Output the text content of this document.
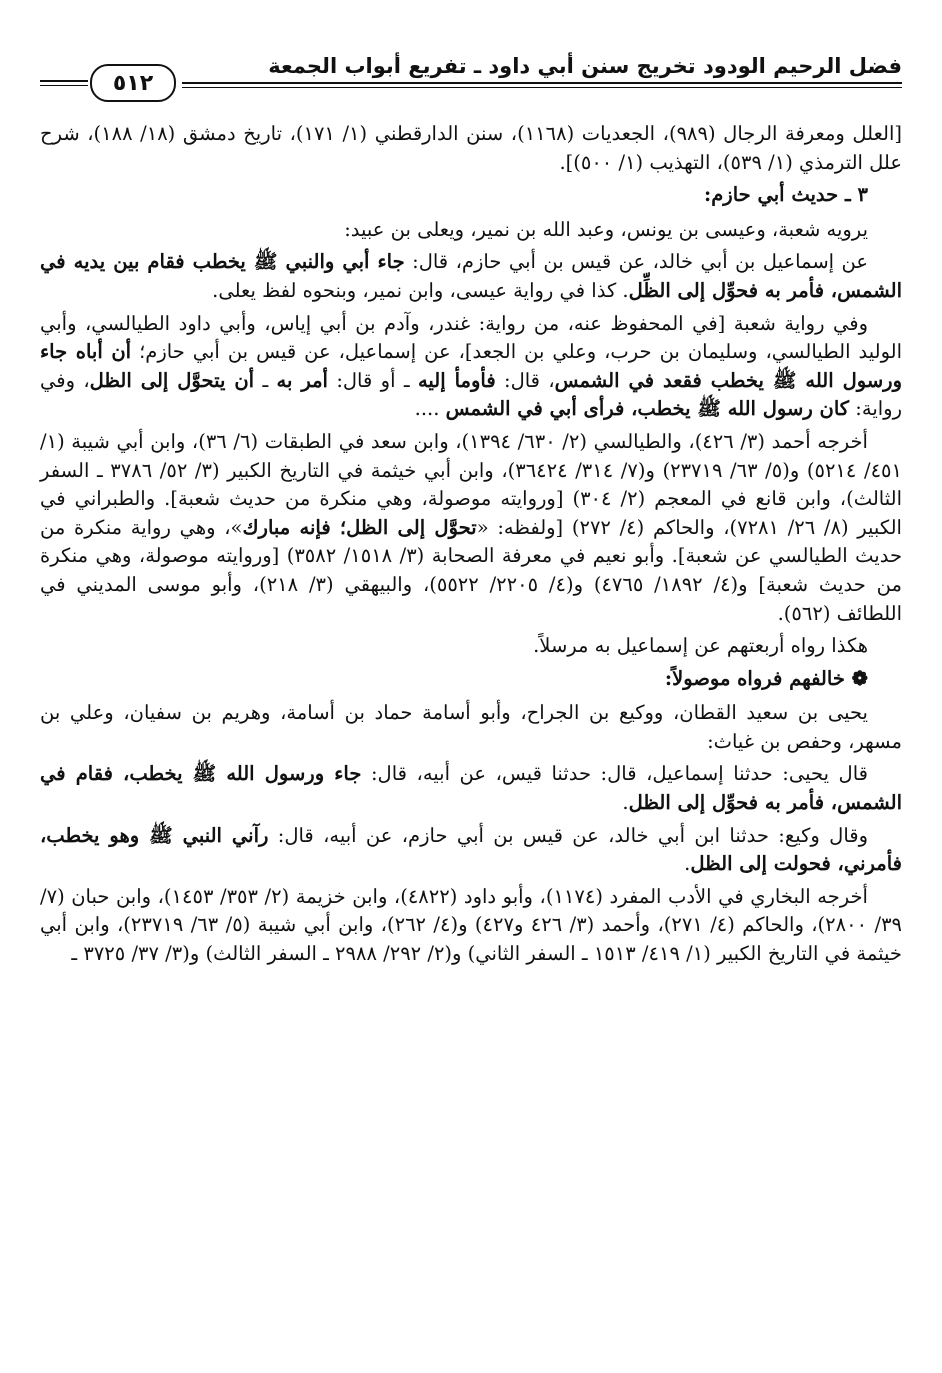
فضل الرحيم الودود تخريج سنن أبي داود ـ تفريع أبواب الجمعة
٥١٢

[العلل ومعرفة الرجال (٩٨٩)، الجعديات (١١٦٨)، سنن الدارقطني (١/ ١٧١)، تاريخ دمشق (١٨/ ١٨٨)، شرح علل الترمذي (١/ ٥٣٩)، التهذيب (١/ ٥٠٠)].

٣ ـ حديث أبي حازم:

يرويه شعبة، وعيسى بن يونس، وعبد الله بن نمير، ويعلى بن عبيد:

عن إسماعيل بن أبي خالد، عن قيس بن أبي حازم، قال: جاء أبي والنبي ﷺ يخطب فقام بين يديه في الشمس، فأمر به فحوِّل إلى الظِّل. كذا في رواية عيسى، وابن نمير، وبنحوه لفظ يعلى.

وفي رواية شعبة [في المحفوظ عنه، من رواية: غندر، وآدم بن أبي إياس، وأبي داود الطيالسي، وأبي الوليد الطيالسي، وسليمان بن حرب، وعلي بن الجعد]، عن إسماعيل، عن قيس بن أبي حازم؛ أن أباه جاء ورسول الله ﷺ يخطب فقعد في الشمس، قال: فأومأ إليه ـ أو قال: أمر به ـ أن يتحوَّل إلى الظل، وفي رواية: كان رسول الله ﷺ يخطب، فرأى أبي في الشمس ....

أخرجه أحمد (٣/ ٤٢٦)، والطيالسي (٢/ ٦٣٠/ ١٣٩٤)، وابن سعد في الطبقات (٦/ ٣٦)، وابن أبي شيبة (١/ ٤٥١/ ٥٢١٤) و(٥/ ٦٣/ ٢٣٧١٩) و(٧/ ٣١٤/ ٣٦٤٢٤)، وابن أبي خيثمة في التاريخ الكبير (٣/ ٥٢/ ٣٧٨٦ ـ السفر الثالث)، وابن قانع في المعجم (٢/ ٣٠٤) [وروايته موصولة، وهي منكرة من حديث شعبة]. والطبراني في الكبير (٨/ ٢٦/ ٧٢٨١)، والحاكم (٤/ ٢٧٢) [ولفظه: «تحوَّل إلى الظل؛ فإنه مبارك»، وهي رواية منكرة من حديث الطيالسي عن شعبة]. وأبو نعيم في معرفة الصحابة (٣/ ١٥١٨/ ٣٥٨٢) [وروايته موصولة، وهي منكرة من حديث شعبة] و(٤/ ١٨٩٢/ ٤٧٦٥) و(٤/ ٢٢٠٥/ ٥٥٢٢)، والبيهقي (٣/ ٢١٨)، وأبو موسى المديني في اللطائف (٥٦٢).

هكذا رواه أربعتهم عن إسماعيل به مرسلاً.

❁ خالفهم فرواه موصولاً:

يحيى بن سعيد القطان، ووكيع بن الجراح، وأبو أسامة حماد بن أسامة، وهريم بن سفيان، وعلي بن مسهر، وحفص بن غياث:

قال يحيى: حدثنا إسماعيل، قال: حدثنا قيس، عن أبيه، قال: جاء ورسول الله ﷺ يخطب، فقام في الشمس، فأمر به فحوِّل إلى الظل.

وقال وكيع: حدثنا ابن أبي خالد، عن قيس بن أبي حازم، عن أبيه، قال: رآني النبي ﷺ وهو يخطب، فأمرني، فحولت إلى الظل.

أخرجه البخاري في الأدب المفرد (١١٧٤)، وأبو داود (٤٨٢٢)، وابن خزيمة (٢/ ٣٥٣/ ١٤٥٣)، وابن حبان (٧/ ٣٩/ ٢٨٠٠)، والحاكم (٤/ ٢٧١)، وأحمد (٣/ ٤٢٦ و٤٢٧) و(٤/ ٢٦٢)، وابن أبي شيبة (٥/ ٦٣/ ٢٣٧١٩)، وابن أبي خيثمة في التاريخ الكبير (١/ ٤١٩/ ١٥١٣ ـ السفر الثاني) و(٢/ ٢٩٢/ ٢٩٨٨ ـ السفر الثالث) و(٣/ ٣٧/ ٣٧٢٥ ـ
